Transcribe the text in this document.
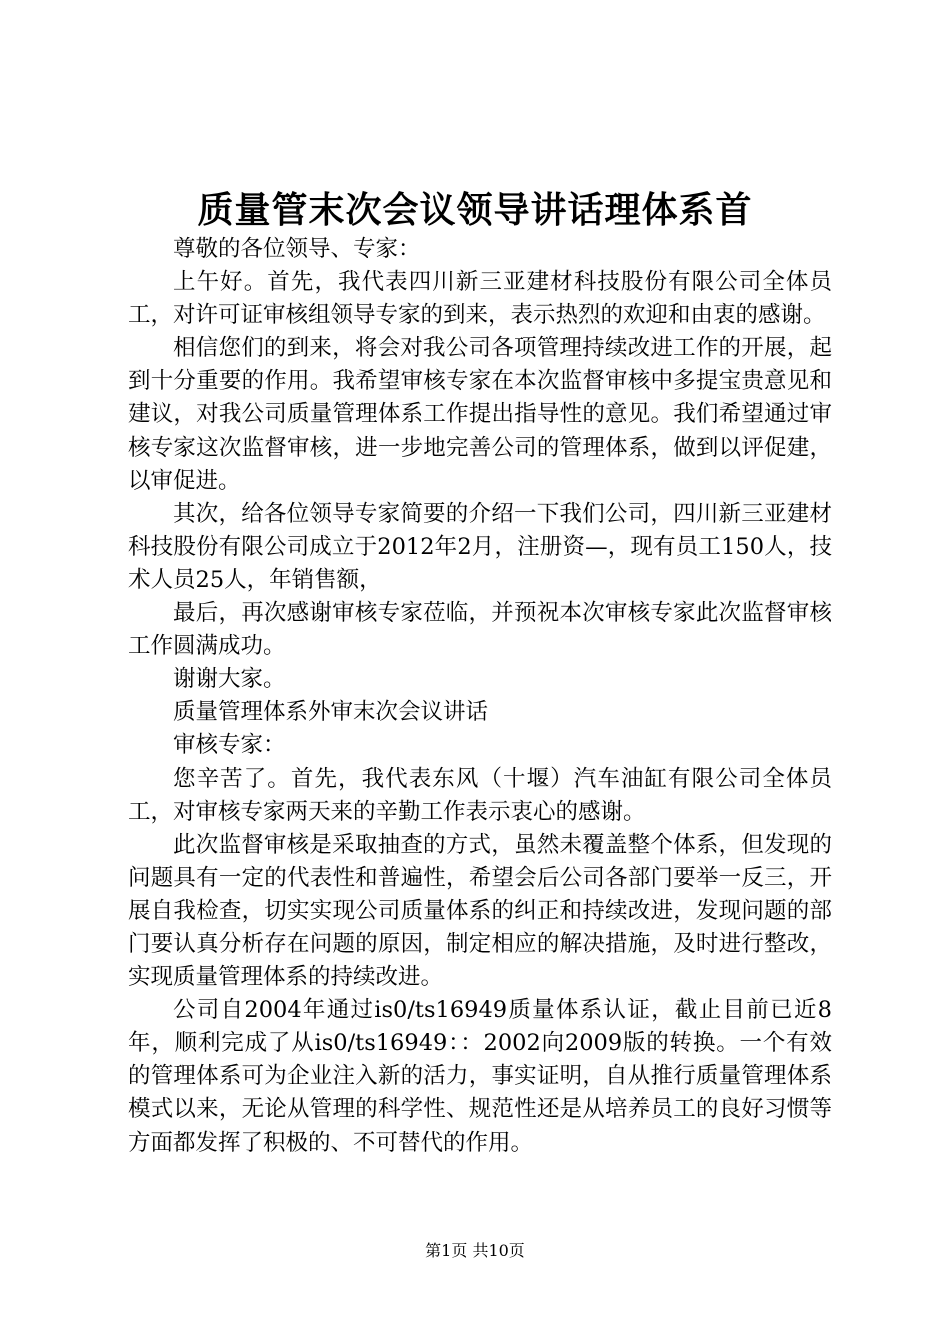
质量管末次会议领导讲话理体系首

尊敬的各位领导、专家：

上午好。首先，我代表四川新三亚建材科技股份有限公司全体员工，对许可证审核组领导专家的到来，表示热烈的欢迎和由衷的感谢。

相信您们的到来，将会对我公司各项管理持续改进工作的开展，起到十分重要的作用。我希望审核专家在本次监督审核中多提宝贵意见和建议，对我公司质量管理体系工作提出指导性的意见。我们希望通过审核专家这次监督审核，进一步地完善公司的管理体系，做到以评促建，以审促进。

其次，给各位领导专家简要的介绍一下我们公司，四川新三亚建材科技股份有限公司成立于2012年2月，注册资—，现有员工150人，技术人员25人，年销售额，

最后，再次感谢审核专家莅临，并预祝本次审核专家此次监督审核工作圆满成功。

谢谢大家。

质量管理体系外审末次会议讲话

审核专家：

您辛苦了。首先，我代表东风（十堰）汽车油缸有限公司全体员工，对审核专家两天来的辛勤工作表示衷心的感谢。

此次监督审核是采取抽查的方式，虽然未覆盖整个体系，但发现的问题具有一定的代表性和普遍性，希望会后公司各部门要举一反三，开展自我检查，切实实现公司质量体系的纠正和持续改进，发现问题的部门要认真分析存在问题的原因，制定相应的解决措施，及时进行整改，实现质量管理体系的持续改进。

公司自2004年通过is0/ts16949质量体系认证，截止目前已近8年，顺利完成了从is0/ts16949：：2002向2009版的转换。一个有效的管理体系可为企业注入新的活力，事实证明，自从推行质量管理体系模式以来，无论从管理的科学性、规范性还是从培养员工的良好习惯等方面都发挥了积极的、不可替代的作用。

第1页 共10页
